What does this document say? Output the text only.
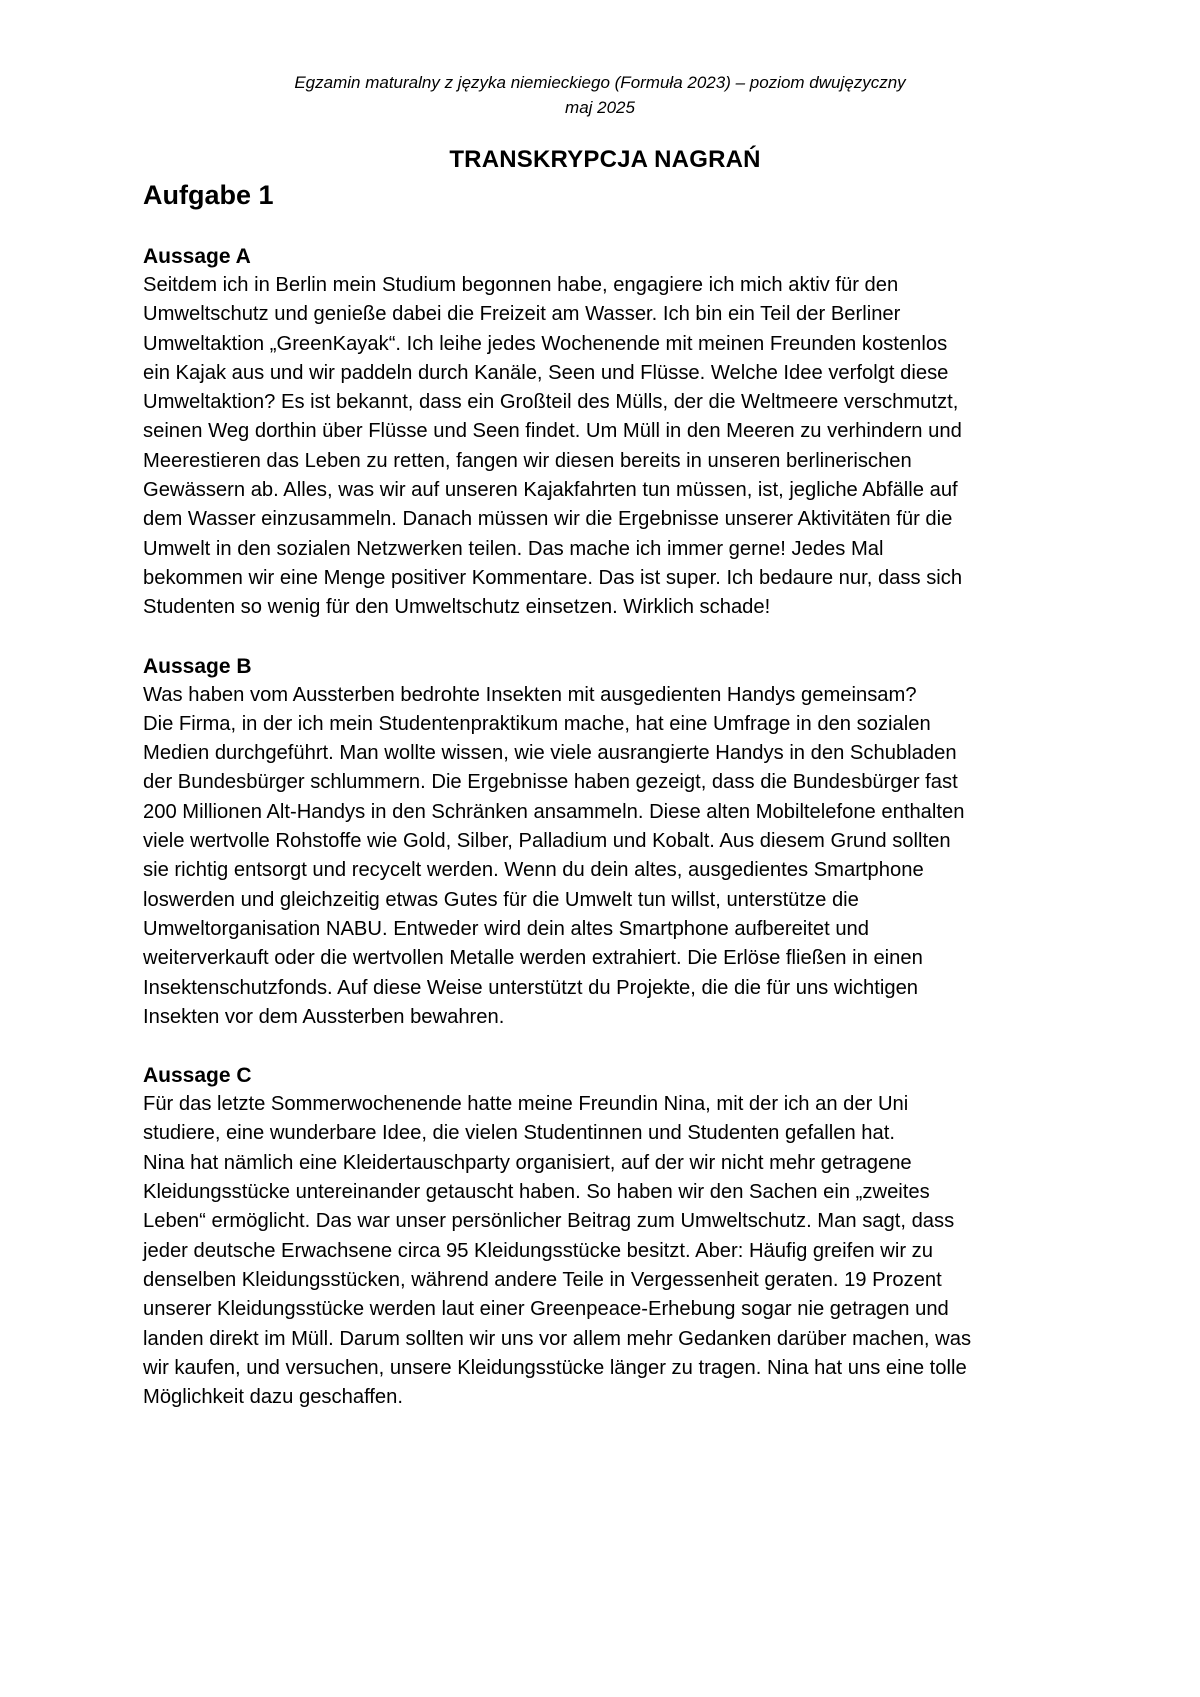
Egzamin maturalny z języka niemieckiego (Formuła 2023) – poziom dwujęzyczny
maj 2025
TRANSKRYPCJA NAGRAŃ
Aufgabe 1

Aussage A

Seitdem ich in Berlin mein Studium begonnen habe, engagiere ich mich aktiv für den
Umweltschutz und genieße dabei die Freizeit am Wasser. Ich bin ein Teil der Berliner
Umweltaktion „GreenKayak“. Ich leihe jedes Wochenende mit meinen Freunden kostenlos
ein Kajak aus und wir paddeln durch Kanäle, Seen und Flüsse. Welche Idee verfolgt diese
Umweltaktion? Es ist bekannt, dass ein Großteil des Mülls, der die Weltmeere verschmutzt,
seinen Weg dorthin über Flüsse und Seen findet. Um Müll in den Meeren zu verhindern und
Meerestieren das Leben zu retten, fangen wir diesen bereits in unseren berlinerischen
Gewässern ab. Alles, was wir auf unseren Kajakfahrten tun müssen, ist, jegliche Abfälle auf
dem Wasser einzusammeln. Danach müssen wir die Ergebnisse unserer Aktivitäten für die
Umwelt in den sozialen Netzwerken teilen. Das mache ich immer gerne! Jedes Mal
bekommen wir eine Menge positiver Kommentare. Das ist super. Ich bedaure nur, dass sich
Studenten so wenig für den Umweltschutz einsetzen. Wirklich schade!

Aussage B

Was haben vom Aussterben bedrohte Insekten mit ausgedienten Handys gemeinsam?
Die Firma, in der ich mein Studentenpraktikum mache, hat eine Umfrage in den sozialen
Medien durchgeführt. Man wollte wissen, wie viele ausrangierte Handys in den Schubladen
der Bundesbürger schlummern. Die Ergebnisse haben gezeigt, dass die Bundesbürger fast
200 Millionen Alt-Handys in den Schränken ansammeln. Diese alten Mobiltelefone enthalten
viele wertvolle Rohstoffe wie Gold, Silber, Palladium und Kobalt. Aus diesem Grund sollten
sie richtig entsorgt und recycelt werden. Wenn du dein altes, ausgedientes Smartphone
loswerden und gleichzeitig etwas Gutes für die Umwelt tun willst, unterstütze die
Umweltorganisation NABU. Entweder wird dein altes Smartphone aufbereitet und
weiterverkauft oder die wertvollen Metalle werden extrahiert. Die Erlöse fließen in einen
Insektenschutzfonds. Auf diese Weise unterstützt du Projekte, die die für uns wichtigen
Insekten vor dem Aussterben bewahren.

Aussage C

Für das letzte Sommerwochenende hatte meine Freundin Nina, mit der ich an der Uni
studiere, eine wunderbare Idee, die vielen Studentinnen und Studenten gefallen hat.
Nina hat nämlich eine Kleidertauschparty organisiert, auf der wir nicht mehr getragene
Kleidungsstücke untereinander getauscht haben. So haben wir den Sachen ein „zweites
Leben“ ermöglicht. Das war unser persönlicher Beitrag zum Umweltschutz. Man sagt, dass
jeder deutsche Erwachsene circa 95 Kleidungsstücke besitzt. Aber: Häufig greifen wir zu
denselben Kleidungsstücken, während andere Teile in Vergessenheit geraten. 19 Prozent
unserer Kleidungsstücke werden laut einer Greenpeace-Erhebung sogar nie getragen und
landen direkt im Müll. Darum sollten wir uns vor allem mehr Gedanken darüber machen, was
wir kaufen, und versuchen, unsere Kleidungsstücke länger zu tragen. Nina hat uns eine tolle
Möglichkeit dazu geschaffen.
